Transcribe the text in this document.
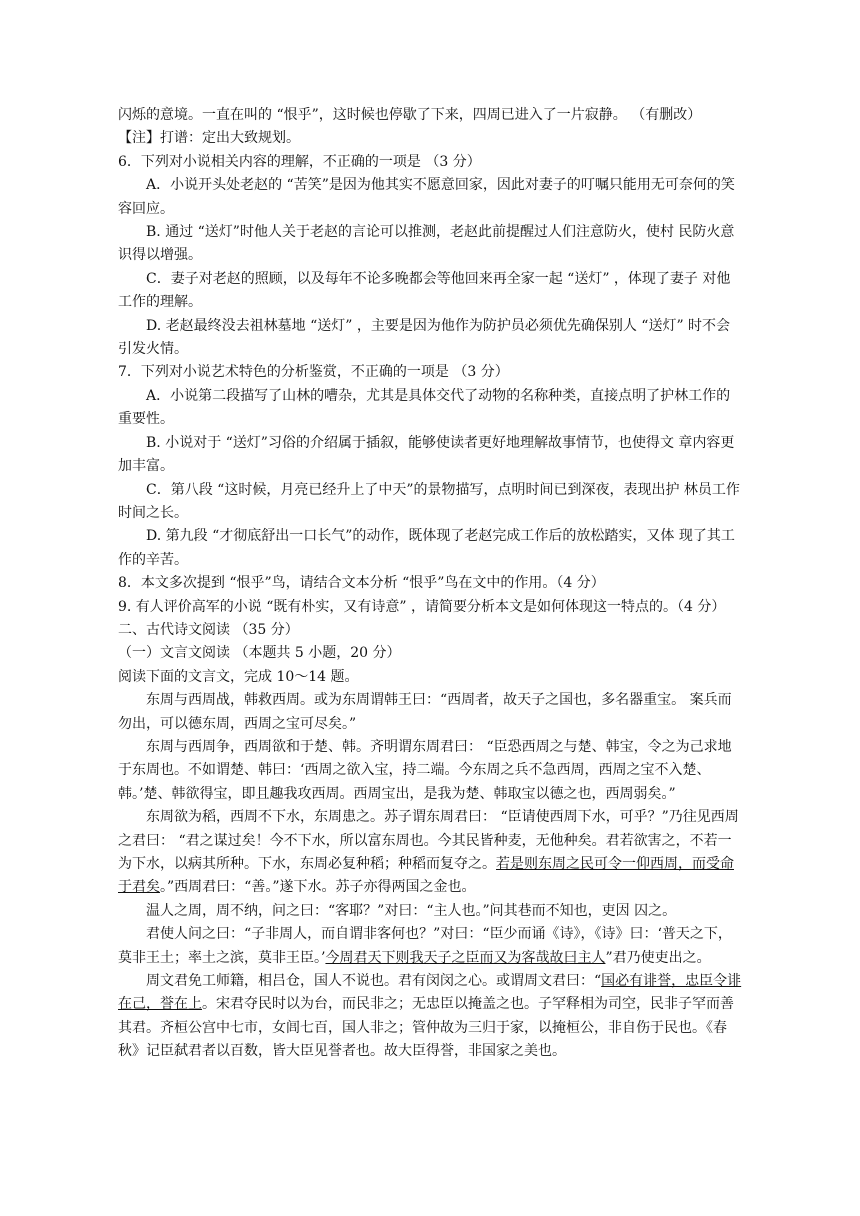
闪烁的意境。一直在叫的 “恨乎”，这时候也停歇了下来，四周已进入了一片寂静。 （有删改）

【注】打谱：定出大致规划。

6．下列对小说相关内容的理解，不正确的一项是 （3 分）

A．小说开头处老赵的 “苦笑”是因为他其实不愿意回家，因此对妻子的叮嘱只能用无可奈何的笑容回应。

B. 通过 “送灯”时他人关于老赵的言论可以推测，老赵此前提醒过人们注意防火，使村 民防火意识得以增强。

C．妻子对老赵的照顾，以及每年不论多晚都会等他回来再全家一起 “送灯” ，体现了妻子 对他工作的理解。

D. 老赵最终没去祖林墓地 “送灯” ，主要是因为他作为防护员必须优先确保别人 “送灯” 时不会引发火情。

7．下列对小说艺术特色的分析鉴赏，不正确的一项是 （3 分）

A．小说第二段描写了山林的嘈杂，尤其是具体交代了动物的名称种类，直接点明了护林工作的重要性。

B. 小说对于 “送灯”习俗的介绍属于插叙，能够使读者更好地理解故事情节，也使得文 章内容更加丰富。

C．第八段 “这时候，月亮已经升上了中天”的景物描写，点明时间已到深夜，表现出护 林员工作时间之长。

D. 第九段 “才彻底舒出一口长气”的动作，既体现了老赵完成工作后的放松踏实，又体 现了其工作的辛苦。

8．本文多次提到 “恨乎”鸟，请结合文本分析 “恨乎”鸟在文中的作用。（4 分）

9. 有人评价高军的小说 “既有朴实，又有诗意” ，请简要分析本文是如何体现这一特点的。（4 分）

二、古代诗文阅读 （35 分）

（一）文言文阅读 （本题共 5 小题，20 分）

阅读下面的文言文，完成 10～14 题。

东周与西周战，韩救西周。或为东周谓韩王曰：“西周者，故天子之国也，多名器重宝。 案兵而勿出，可以德东周，西周之宝可尽矣。”

东周与西周争，西周欲和于楚、韩。齐明谓东周君曰： “臣恐西周之与楚、韩宝，令之为己求地于东周也。不如谓楚、韩曰：‘西周之欲入宝，持二端。今东周之兵不急西周，西周之宝不入楚、韩。’楚、韩欲得宝，即且趣我攻西周。西周宝出，是我为楚、韩取宝以德之也，西周弱矣。”

东周欲为稻，西周不下水，东周患之。苏子谓东周君曰： “臣请使西周下水，可乎？”乃往见西周之君曰： “君之谋过矣！今不下水，所以富东周也。今其民皆种麦，无他种矣。君若欲害之，不若一为下水，以病其所种。下水，东周必复种稻；种稻而复夺之。若是则东周之民可令一仰西周，而受命于君矣。”西周君曰：“善。”遂下水。苏子亦得两国之金也。

温人之周，周不纳，问之曰：“客耶？”对曰：“主人也。”问其巷而不知也，吏因 囚之。

君使人问之曰：“子非周人，而自谓非客何也？”对曰：“臣少而诵《诗》，《诗》曰：‘普天之下，莫非王土；率土之滨，莫非王臣。’今周君天下则我天子之臣而又为客哉故曰主人”君乃使吏出之。

周文君免工师籍，相吕仓，国人不说也。君有闵闵之心。或谓周文君曰：“国必有诽誉，忠臣令诽在己，誉在上。宋君夺民时以为台，而民非之；无忠臣以掩盖之也。子罕释相为司空，民非子罕而善其君。齐桓公宫中七市，女闾七百，国人非之；管仲故为三归于家，以掩桓公，非自伤于民也。《春秋》记臣弑君者以百数，皆大臣见誉者也。故大臣得誉，非国家之美也。
